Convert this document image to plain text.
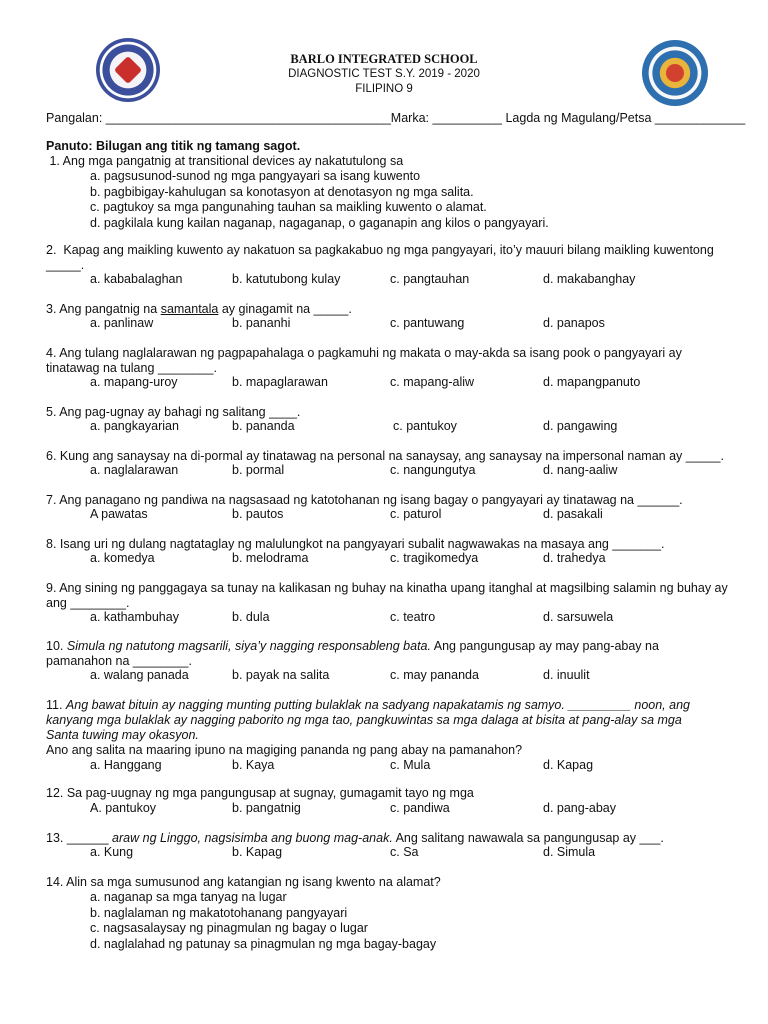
BARLO INTEGRATED SCHOOL
DIAGNOSTIC TEST S.Y. 2019 - 2020
FILIPINO 9
Pangalan: _________________________________________Marka: __________ Lagda ng Magulang/Petsa _____________
Panuto: Bilugan ang titik ng tamang sagot.
1. Ang mga pangatnig at transitional devices ay nakatutulong sa
a. pagsusunod-sunod ng mga pangyayari sa isang kuwento
b. pagbibigay-kahulugan sa konotasyon at denotasyon ng mga salita.
c. pagtukoy sa mga pangunahing tauhan sa maikling kuwento o alamat.
d. pagkilala kung kailan naganap, nagaganap, o gaganapin ang kilos o pangyayari.
2.  Kapag ang maikling kuwento ay nakatuon sa pagkakabuo ng mga pangyayari, ito’y mauuri bilang maikling kuwentong
_____.
a. kababalaghan	b. katutubong kulay	c. pangtauhan	d. makabanghay
3. Ang pangatnig na samantala ay ginagamit na _____.
a. panlinaw	b. pananhi	c. pantuwang	d. panapos
4. Ang tulang naglalarawan ng pagpapahalaga o pagkamuhi ng makata o may-akda sa isang pook o pangyayari ay
tinatawag na tulang ________.
a. mapang-uroy	b. mapaglarawan	c. mapang-aliw	d. mapangpanuto
5. Ang pag-ugnay ay bahagi ng salitang ____.
a. pangkayarian	b. pananda	c. pantukoy	d. pangawing
6. Kung ang sanaysay na di-pormal ay tinatawag na personal na sanaysay, ang sanaysay na impersonal naman ay _____.
a. naglalarawan	b. pormal	c. nangungutya	d. nang-aaliw
7. Ang panagano ng pandiwa na nagsasaad ng katotohanan ng isang bagay o pangyayari ay tinatawag na ______.
A pawatas	b. pautos	c. paturol	d. pasakali
8. Isang uri ng dulang nagtataglay ng malulungkot na pangyayari subalit nagwawakas na masaya ang _______.
a. komedya	b. melodrama	c. tragikomedya	d. trahedya
9. Ang sining ng panggagaya sa tunay na kalikasan ng buhay na kinatha upang itanghal at magsilbing salamin ng buhay ay
ang ________.
a. kathambuhay	b. dula	c. teatro	d. sarsuwela
10. Simula ng natutong magsarili, siya’y nagging responsableng bata. Ang pangungusap ay may pang-abay na
pamanahon na ________.
a. walang panada	b. payak na salita	c. may pananda	d. inuulit
11. Ang bawat bituin ay nagging munting putting bulaklak na sadyang napakatamis ng samyo. _________ noon, ang
kanyang mga bulaklak ay nagging paborito ng mga tao, pangkuwintas sa mga dalaga at bisita at pang-alay sa mga
Santa tuwing may okasyon.
Ano ang salita na maaring ipuno na magiging pananda ng pang abay na pamanahon?
a. Hanggang	b. Kaya	c. Mula	d. Kapag
12. Sa pag-uugnay ng mga pangungusap at sugnay, gumagamit tayo ng mga
A. pantukoy	b. pangatnig	c. pandiwa	d. pang-abay
13. ______ araw ng Linggo, nagsisimba ang buong mag-anak. Ang salitang nawawala sa pangungusap ay ___.
a. Kung	b. Kapag	c. Sa	d. Simula
14. Alin sa mga sumusunod ang katangian ng isang kwento na alamat?
a. naganap sa mga tanyag na lugar
b. naglalaman ng makatotohanang pangyayari
c. nagsasalaysay ng pinagmulan ng bagay o lugar
d. naglalahad ng patunay sa pinagmulan ng mga bagay-bagay
